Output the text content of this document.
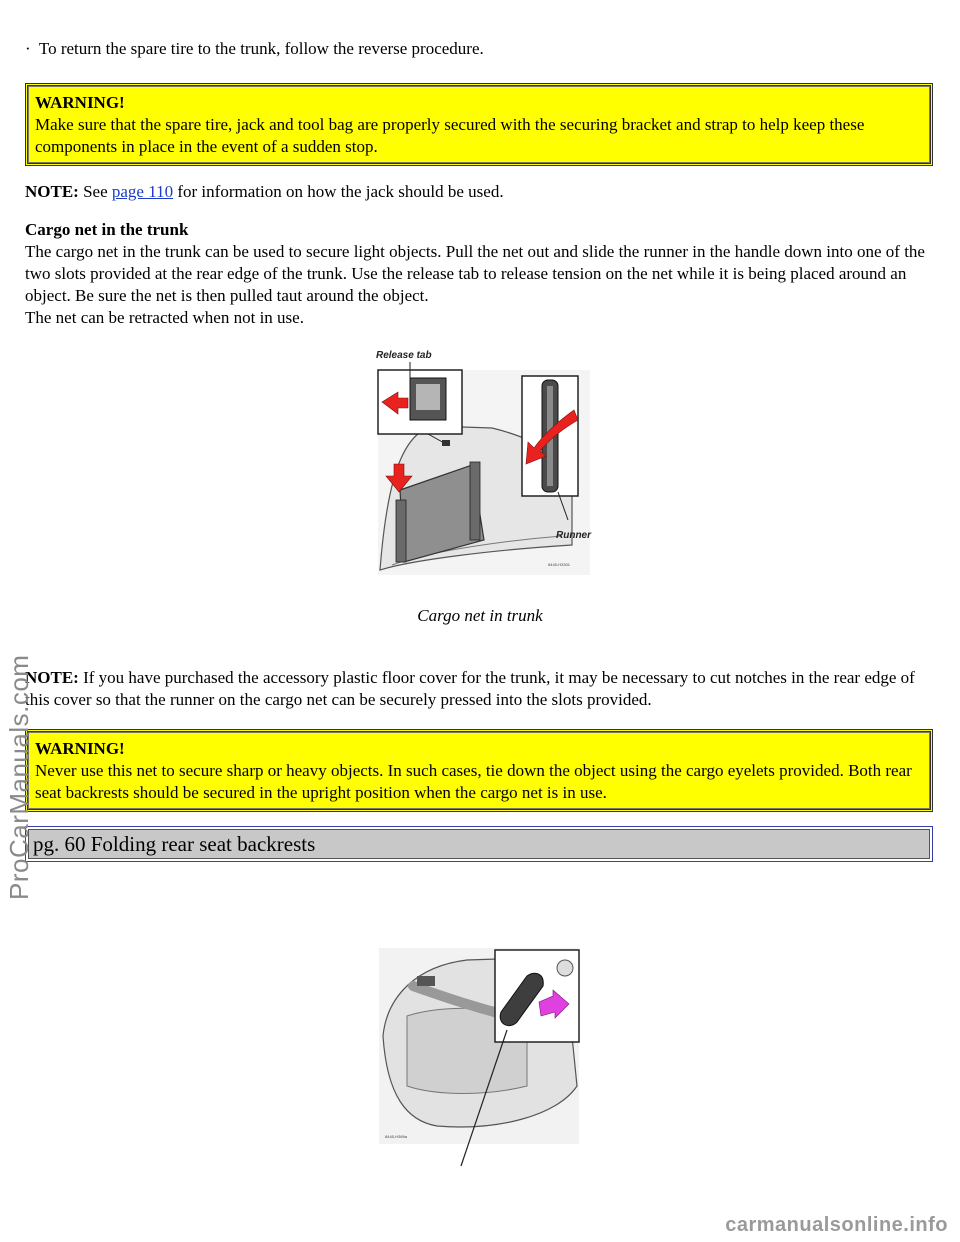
· To return the spare tire to the trunk, follow the reverse procedure.

WARNING!
Make sure that the spare tire, jack and tool bag are properly secured with the securing bracket and strap to help keep these components in place in the event of a sudden stop.

NOTE: See page 110 for information on how the jack should be used.

Cargo net in the trunk

The cargo net in the trunk can be used to secure light objects. Pull the net out and slide the runner in the handle down into one of the two slots provided at the rear edge of the trunk. Use the release tab to release tension on the net while it is being placed around an object. Be sure the net is then pulled taut around the object.

The net can be retracted when not in use.

Release tab
Runner
8445-H3301
Cargo net in trunk

NOTE: If you have purchased the accessory plastic floor cover for the trunk, it may be necessary to cut notches in the rear edge of this cover so that the runner on the cargo net can be securely pressed into the slots provided.

WARNING!
Never use this net to secure sharp or heavy objects. In such cases, tie down the object using the cargo eyelets provided. Both rear seat backrests should be secured in the upright position when the cargo net is in use.
pg. 60 Folding rear seat backrests
8445-H389a
ProCarManuals.com
carmanualsonline.info
